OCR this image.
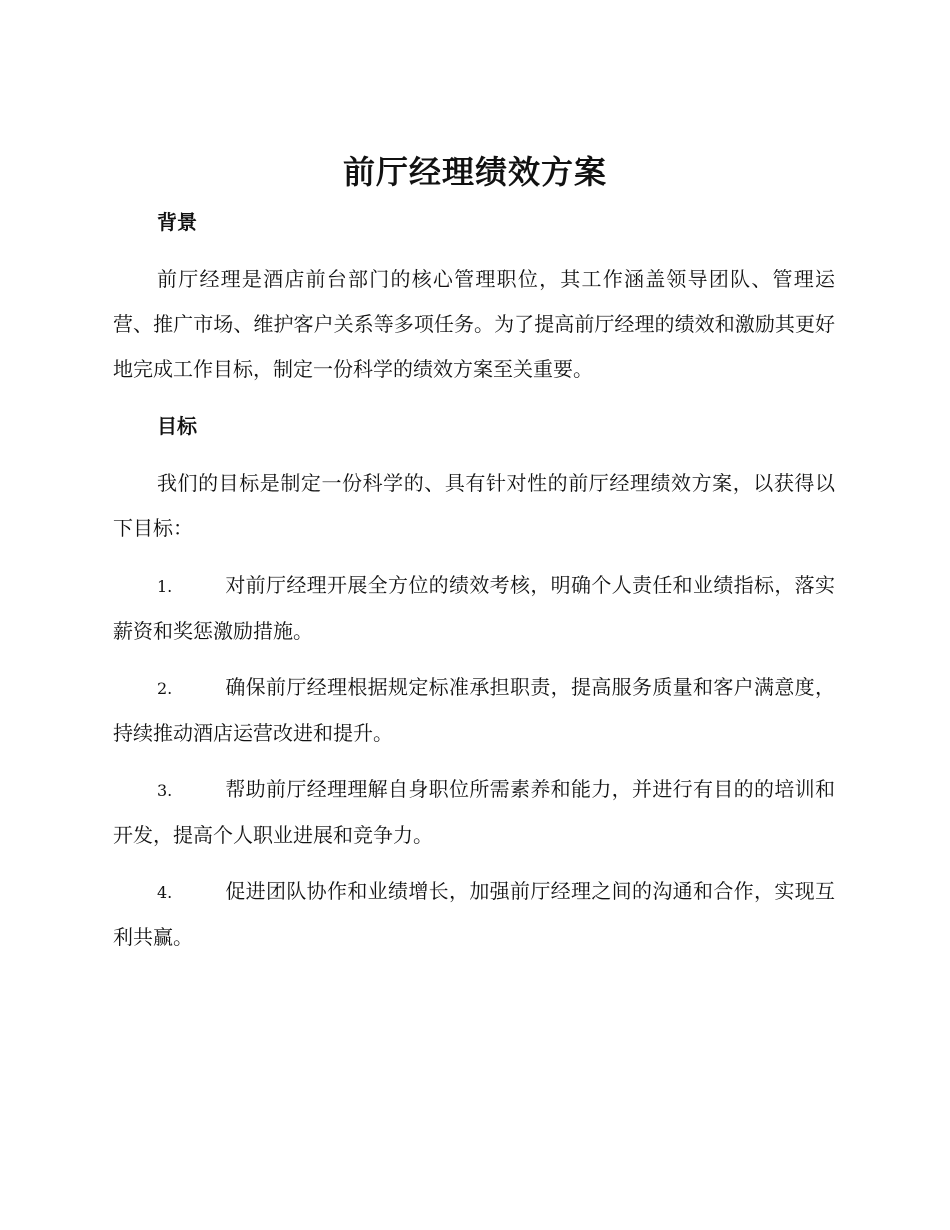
前厅经理绩效方案
背景
前厅经理是酒店前台部门的核心管理职位，其工作涵盖领导团队、管理运营、推广市场、维护客户关系等多项任务。为了提高前厅经理的绩效和激励其更好地完成工作目标，制定一份科学的绩效方案至关重要。
目标
我们的目标是制定一份科学的、具有针对性的前厅经理绩效方案，以获得以下目标：
1.	对前厅经理开展全方位的绩效考核，明确个人责任和业绩指标，落实薪资和奖惩激励措施。
2.	确保前厅经理根据规定标准承担职责，提高服务质量和客户满意度，持续推动酒店运营改进和提升。
3.	帮助前厅经理理解自身职位所需素养和能力，并进行有目的的培训和开发，提高个人职业进展和竞争力。
4.	促进团队协作和业绩增长，加强前厅经理之间的沟通和合作，实现互利共赢。
